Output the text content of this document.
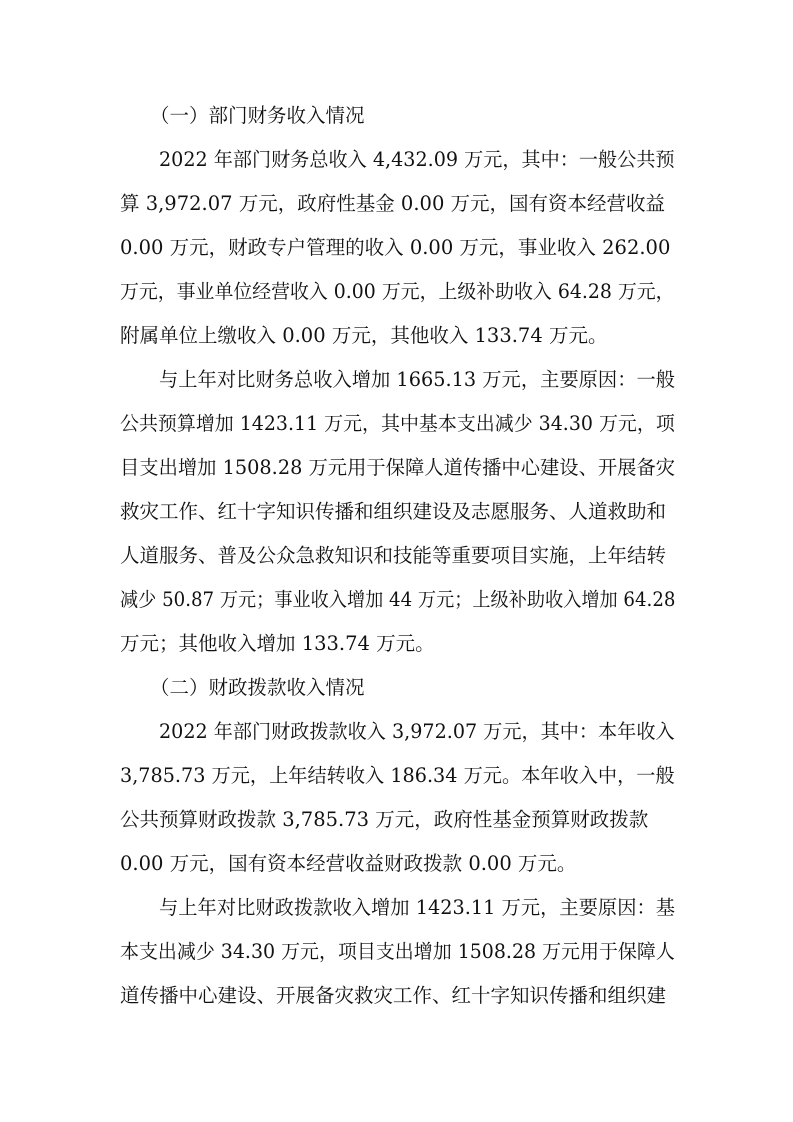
（一）部门财务收入情况
2022 年部门财务总收入 4,432.09 万元，其中：一般公共预
算 3,972.07 万元，政府性基金 0.00 万元，国有资本经营收益
0.00 万元，财政专户管理的收入 0.00 万元，事业收入 262.00
万元，事业单位经营收入 0.00 万元，上级补助收入 64.28 万元，
附属单位上缴收入 0.00 万元，其他收入 133.74 万元。
与上年对比财务总收入增加 1665.13 万元，主要原因：一般
公共预算增加 1423.11 万元，其中基本支出减少 34.30 万元，项
目支出增加 1508.28 万元用于保障人道传播中心建设、开展备灾
救灾工作、红十字知识传播和组织建设及志愿服务、人道救助和
人道服务、普及公众急救知识和技能等重要项目实施，上年结转
减少 50.87 万元；事业收入增加 44 万元；上级补助收入增加 64.28
万元；其他收入增加 133.74 万元。
（二）财政拨款收入情况
2022 年部门财政拨款收入 3,972.07 万元，其中：本年收入
3,785.73 万元，上年结转收入 186.34 万元。本年收入中，一般
公共预算财政拨款 3,785.73 万元，政府性基金预算财政拨款
0.00 万元，国有资本经营收益财政拨款 0.00 万元。
与上年对比财政拨款收入增加 1423.11 万元，主要原因：基
本支出减少 34.30 万元，项目支出增加 1508.28 万元用于保障人
道传播中心建设、开展备灾救灾工作、红十字知识传播和组织建
